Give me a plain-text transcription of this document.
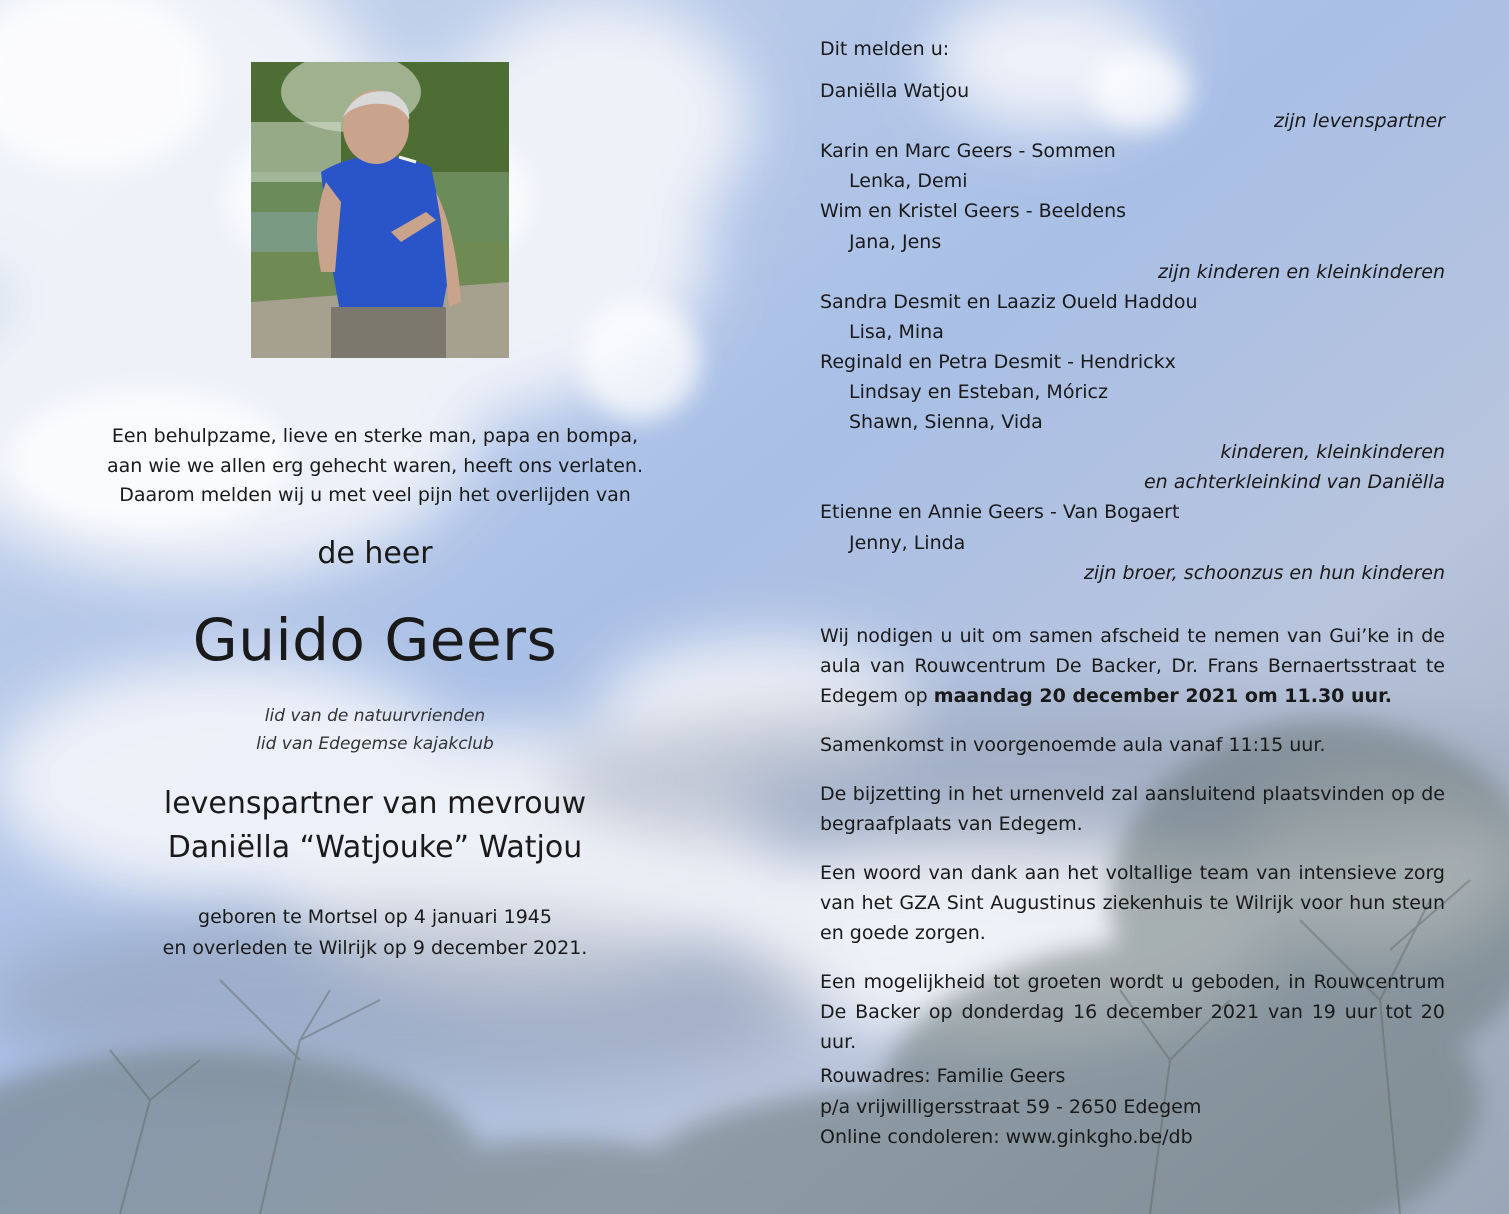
Een behulpzame, lieve en sterke man, papa en bompa,
aan wie we allen erg gehecht waren, heeft ons verlaten.
Daarom melden wij u met veel pijn het overlijden van
de heer
Guido Geers
lid van de natuurvrienden
lid van Edegemse kajakclub
levenspartner van mevrouw
Daniëlla “Watjouke” Watjou
geboren te Mortsel op 4 januari 1945
en overleden te Wilrijk op 9 december 2021.
Dit melden u:
Daniëlla Watjou
zijn levenspartner
Karin en Marc Geers - Sommen
Lenka, Demi
Wim en Kristel Geers - Beeldens
Jana, Jens
zijn kinderen en kleinkinderen
Sandra Desmit en Laaziz Oueld Haddou
Lisa, Mina
Reginald en Petra Desmit - Hendrickx
Lindsay en Esteban, Móricz
Shawn, Sienna, Vida
kinderen, kleinkinderen
en achterkleinkind van Daniëlla
Etienne en Annie Geers - Van Bogaert
Jenny, Linda
zijn broer, schoonzus en hun kinderen

Wij nodigen u uit om samen afscheid te nemen van Gui’ke in de aula van Rouwcentrum De Backer, Dr. Frans Bernaertsstraat te Edegem op maandag 20 december 2021 om 11.30 uur.

Samenkomst in voorgenoemde aula vanaf 11:15 uur.

De bijzetting in het urnenveld zal aansluitend plaatsvinden op de begraafplaats van Edegem.

Een woord van dank aan het voltallige team van intensieve zorg van het GZA Sint Augustinus ziekenhuis te Wilrijk voor hun steun en goede zorgen.

Een mogelijkheid tot groeten wordt u geboden, in Rouwcentrum De Backer op donderdag 16 december 2021 van 19 uur tot 20 uur.

Rouwadres: Familie Geers
p/a vrijwilligersstraat 59 - 2650 Edegem
Online condoleren: www.ginkgho.be/db
